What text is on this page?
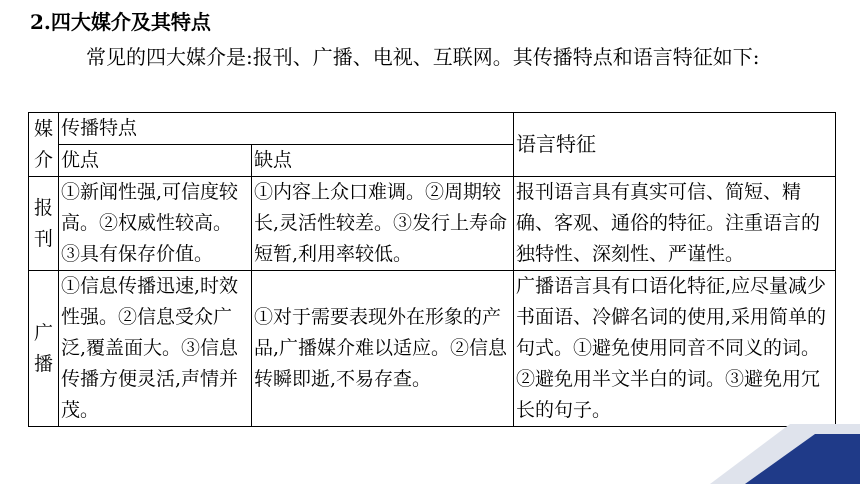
2.四大媒介及其特点
常见的四大媒介是:报刊、广播、电视、互联网。其传播特点和语言特征如下:
媒
介	传播特点		语言特征
	优点	缺点	

报
刊	①新闻性强,可信度较高。②权威性较高。③具有保存价值。	①内容上众口难调。②周期较长,灵活性较差。③发行上寿命短暂,利用率较低。	报刊语言具有真实可信、简短、精确、客观、通俗的特征。注重语言的独特性、深刻性、严谨性。

广
播	①信息传播迅速,时效性强。②信息受众广泛,覆盖面大。③信息传播方便灵活,声情并茂。	①对于需要表现外在形象的产品,广播媒介难以适应。②信息转瞬即逝,不易存查。	广播语言具有口语化特征,应尽量减少书面语、冷僻名词的使用,采用简单的句式。①避免使用同音不同义的词。②避免用半文半白的词。③避免用冗长的句子。
